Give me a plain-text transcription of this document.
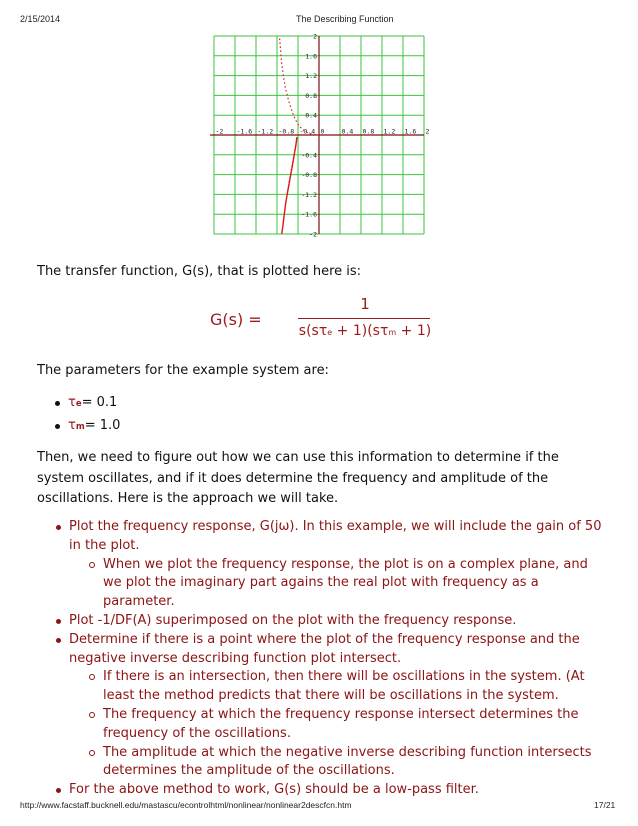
2/15/2014	The Describing Function
-2 -1.6 -1.2 -0.8 -0.4 0	0.4 0.8 1.2 1.6 2
2
1.6
1.2
0.8
0.4
-0.4
-0.8
-1.2
-1.6
-2

The transfer function, G(s), that is plotted here is:

G(s) =
1
s(sτe + 1)(sτm + 1)

The parameters for the example system are:

τe= 0.1
τm= 1.0

Then, we need to figure out how we can use this information to determine if the system oscillates, and if it does determine the frequency and amplitude of the oscillations. Here is the approach we will take.

Plot the frequency response, G(jω). In this example, we will include the gain of 50 in the plot.
When we plot the frequency response, the plot is on a complex plane, and we plot the imaginary part agains the real plot with frequency as a parameter.
Plot -1/DF(A) superimposed on the plot with the frequency response.
Determine if there is a point where the plot of the frequency response and the negative inverse describing function plot intersect.
If there is an intersection, then there will be oscillations in the system. (At least the method predicts that there will be oscillations in the system.
The frequency at which the frequency response intersect determines the frequency of the oscillations.
The amplitude at which the negative inverse describing function intersects determines the amplitude of the oscillations.
For the above method to work, G(s) should be a low-pass filter.
http://www.facstaff.bucknell.edu/mastascu/econtrolhtml/nonlinear/nonlinear2descfcn.htm	17/21
